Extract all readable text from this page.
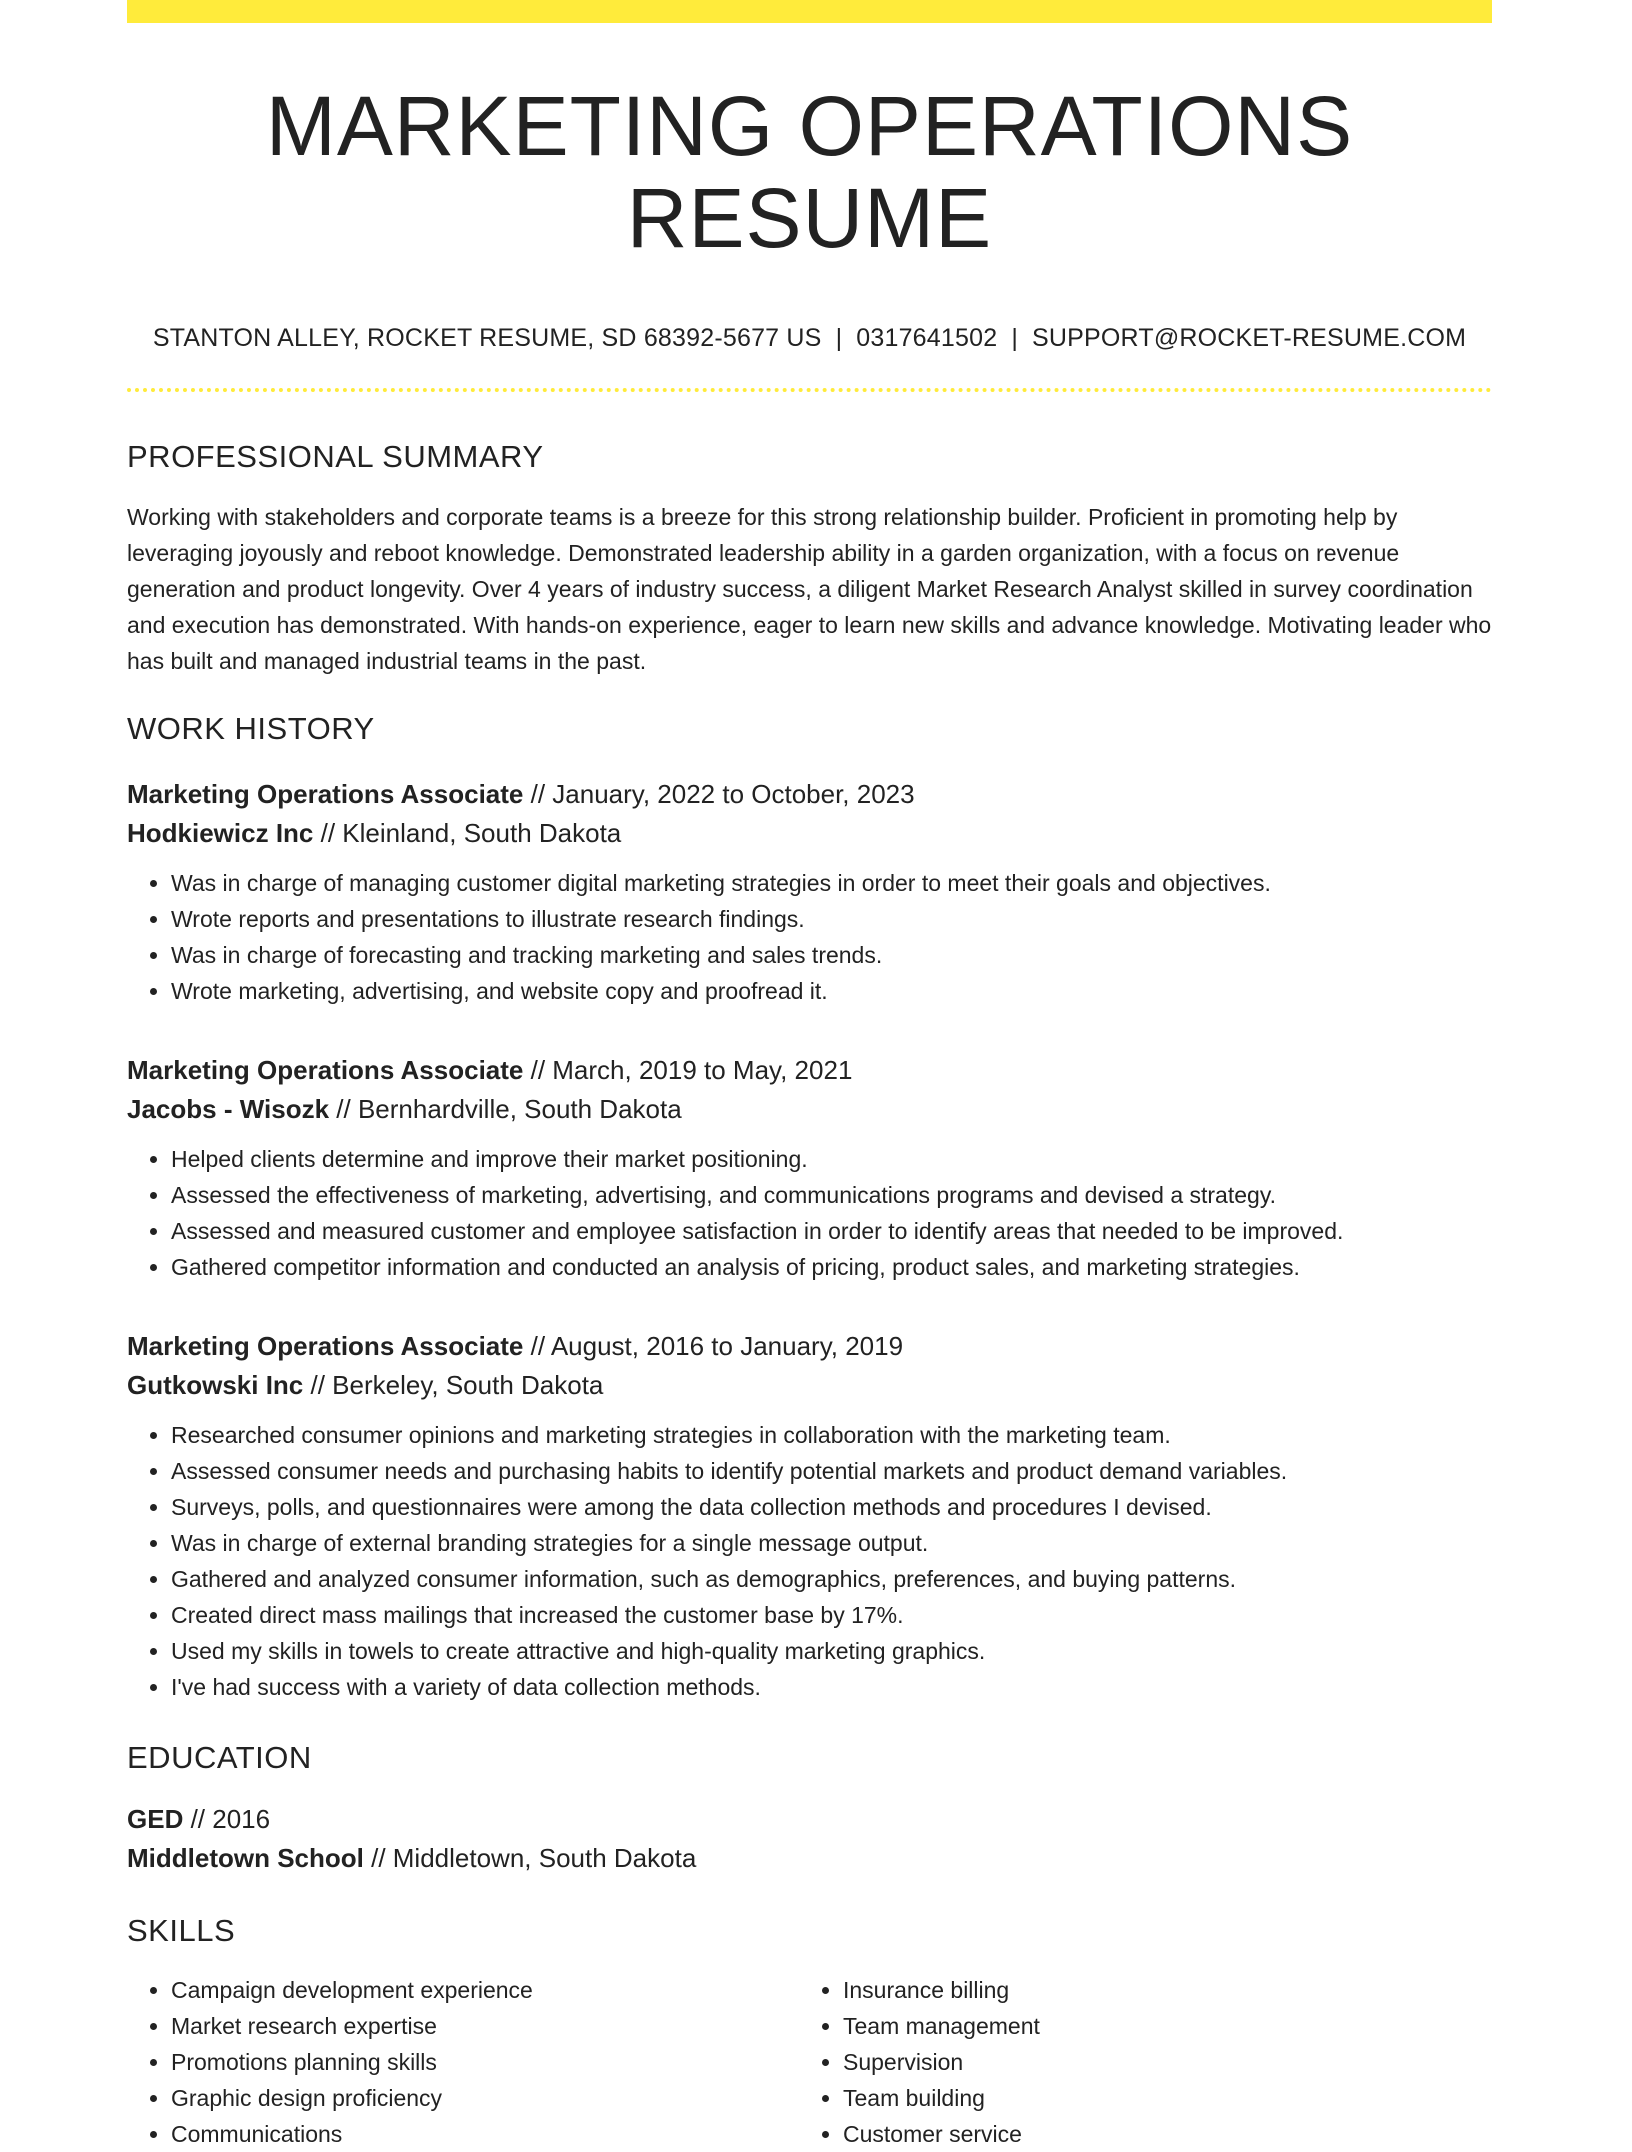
MARKETING OPERATIONS RESUME
STANTON ALLEY, ROCKET RESUME, SD 68392-5677 US | 0317641502 | SUPPORT@ROCKET-RESUME.COM
PROFESSIONAL SUMMARY
Working with stakeholders and corporate teams is a breeze for this strong relationship builder. Proficient in promoting help by leveraging joyously and reboot knowledge. Demonstrated leadership ability in a garden organization, with a focus on revenue generation and product longevity. Over 4 years of industry success, a diligent Market Research Analyst skilled in survey coordination and execution has demonstrated. With hands-on experience, eager to learn new skills and advance knowledge. Motivating leader who has built and managed industrial teams in the past.
WORK HISTORY
Marketing Operations Associate // January, 2022 to October, 2023
Hodkiewicz Inc // Kleinland, South Dakota
• Was in charge of managing customer digital marketing strategies in order to meet their goals and objectives.
• Wrote reports and presentations to illustrate research findings.
• Was in charge of forecasting and tracking marketing and sales trends.
• Wrote marketing, advertising, and website copy and proofread it.
Marketing Operations Associate // March, 2019 to May, 2021
Jacobs - Wisozk // Bernhardville, South Dakota
• Helped clients determine and improve their market positioning.
• Assessed the effectiveness of marketing, advertising, and communications programs and devised a strategy.
• Assessed and measured customer and employee satisfaction in order to identify areas that needed to be improved.
• Gathered competitor information and conducted an analysis of pricing, product sales, and marketing strategies.
Marketing Operations Associate // August, 2016 to January, 2019
Gutkowski Inc // Berkeley, South Dakota
• Researched consumer opinions and marketing strategies in collaboration with the marketing team.
• Assessed consumer needs and purchasing habits to identify potential markets and product demand variables.
• Surveys, polls, and questionnaires were among the data collection methods and procedures I devised.
• Was in charge of external branding strategies for a single message output.
• Gathered and analyzed consumer information, such as demographics, preferences, and buying patterns.
• Created direct mass mailings that increased the customer base by 17%.
• Used my skills in towels to create attractive and high-quality marketing graphics.
• I've had success with a variety of data collection methods.
EDUCATION
GED // 2016
Middletown School // Middletown, South Dakota
SKILLS
• Campaign development experience
• Market research expertise
• Promotions planning skills
• Graphic design proficiency
• Communications
• Insurance billing
• Team management
• Supervision
• Team building
• Customer service
